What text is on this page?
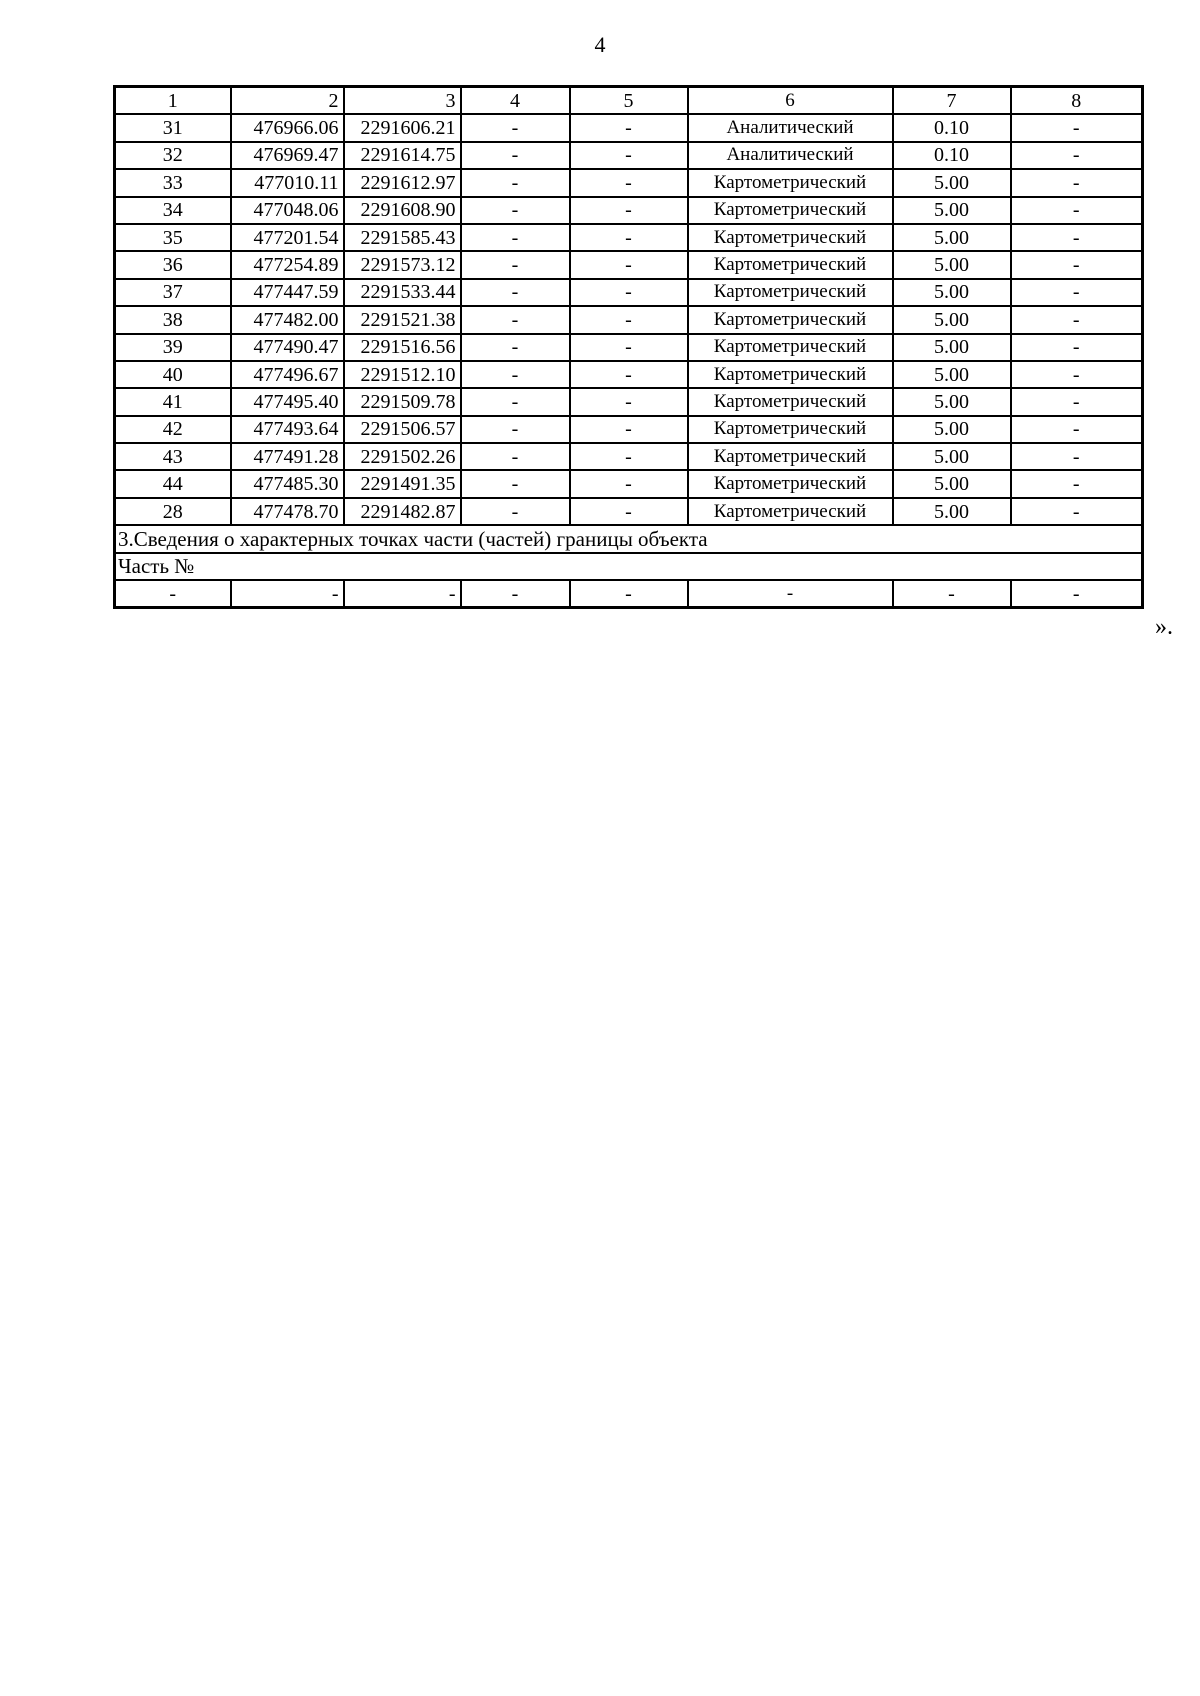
4
1	2	3	4	5	6	7	8
31	476966.06	2291606.21	-	-	Аналитический	0.10	-
32	476969.47	2291614.75	-	-	Аналитический	0.10	-
33	477010.11	2291612.97	-	-	Картометрический	5.00	-
34	477048.06	2291608.90	-	-	Картометрический	5.00	-
35	477201.54	2291585.43	-	-	Картометрический	5.00	-
36	477254.89	2291573.12	-	-	Картометрический	5.00	-
37	477447.59	2291533.44	-	-	Картометрический	5.00	-
38	477482.00	2291521.38	-	-	Картометрический	5.00	-
39	477490.47	2291516.56	-	-	Картометрический	5.00	-
40	477496.67	2291512.10	-	-	Картометрический	5.00	-
41	477495.40	2291509.78	-	-	Картометрический	5.00	-
42	477493.64	2291506.57	-	-	Картометрический	5.00	-
43	477491.28	2291502.26	-	-	Картометрический	5.00	-
44	477485.30	2291491.35	-	-	Картометрический	5.00	-
28	477478.70	2291482.87	-	-	Картометрический	5.00	-
3.Сведения о характерных точках части (частей) границы объекта							
Часть №							
-	-	-	-	-	-	-	-
».
